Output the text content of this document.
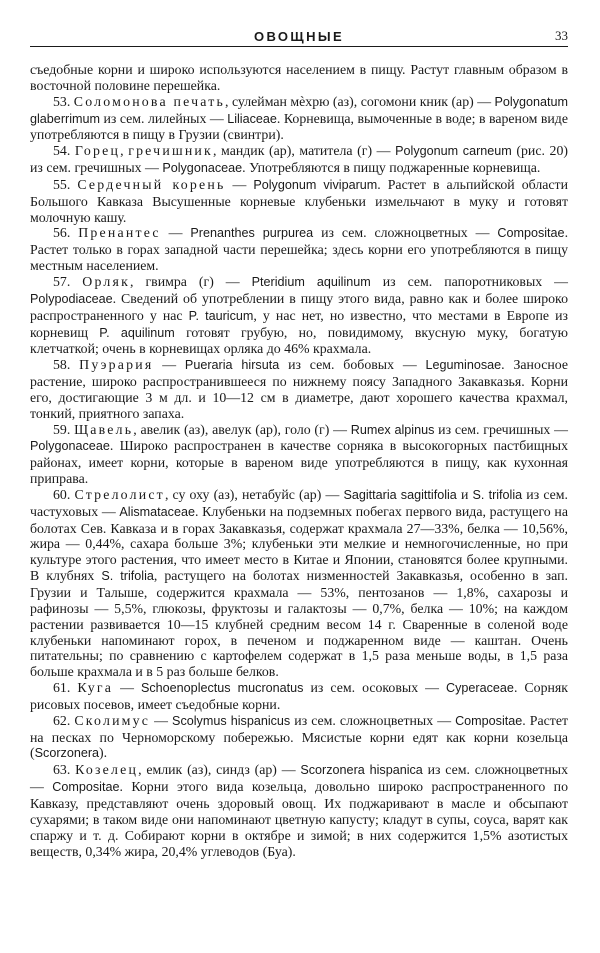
ОВОЩНЫЕ	33

съедобные корни и широко используются населением в пищу. Растут главным образом в восточной половине перешейка.

53. Соломонова печать, сулейман мѐхрю (аз), согомони кник (ар) — Polygonatum glaberrimum из сем. лилейных — Liliaceae. Корневища, вымоченные в воде; в вареном виде употребляются в пищу в Грузии (свинтри).

54. Горец, гречишник, мандик (ар), матитела (г) — Polygonum carneum (рис. 20) из сем. гречишных — Polygonaceae. Употребляются в пищу поджаренные корневища.

55. Сердечный корень — Polygonum viviparum. Растет в альпийской области Большого Кавказа Высушенные корневые клубеньки измельчают в муку и готовят молочную кашу.

56. Пренантес — Prenanthes purpurea из сем. сложноцветных — Compositae. Растет только в горах западной части перешейка; здесь корни его употребляются в пищу местным населением.

57. Орляк, гвимра (г) — Pteridium aquilinum из сем. папоротниковых — Polypodiaceae. Сведений об употреблении в пищу этого вида, равно как и более широко распространенного у нас P. tauricum, у нас нет, но известно, что местами в Европе из корневищ P. aquilinum готовят грубую, но, повидимому, вкусную муку, богатую клетчаткой; очень в корневищах орляка до 46% крахмала.

58. Пуэрария — Pueraria hirsuta из сем. бобовых — Leguminosae. Заносное растение, широко распространившееся по нижнему поясу Западного Закавказья. Корни его, достигающие 3 м дл. и 10—12 см в диаметре, дают хорошего качества крахмал, тонкий, приятного запаха.

59. Щавель, авелик (аз), авелук (ар), голо (г) — Rumex alpinus из сем. гречишных — Polygonaceae. Широко распространен в качестве сорняка в высокогорных пастбищных районах, имеет корни, которые в вареном виде употребляются в пищу, как кухонная приправа.

60. Стрелолист, су оху (аз), нетабуйс (ар) — Sagittaria sagittifolia и S. trifolia из сем. частуховых — Alismataceae. Клубеньки на подземных побегах первого вида, растущего на болотах Сев. Кавказа и в горах Закавказья, содержат крахмала 27—33%, белка — 10,56%, жира — 0,44%, сахара больше 3%; клубеньки эти мелкие и немногочисленные, но при культуре этого растения, что имеет место в Китае и Японии, становятся более крупными. В клубнях S. trifolia, растущего на болотах низменностей Закавказья, особенно в зап. Грузии и Талыше, содержится крахмала — 53%, пентозанов — 1,8%, сахарозы и рафинозы — 5,5%, глюкозы, фруктозы и галактозы — 0,7%, белка — 10%; на каждом растении развивается 10—15 клубней средним весом 14 г. Сваренные в соленой воде клубеньки напоминают горох, в печеном и поджаренном виде — каштан. Очень питательны; по сравнению с картофелем содержат в 1,5 раза меньше воды, в 1,5 раза больше крахмала и в 5 раз больше белков.

61. Куга — Schoenoplectus mucronatus из сем. осоковых — Cyperaceae. Сорняк рисовых посевов, имеет съедобные корни.

62. Сколимус — Scolymus hispanicus из сем. сложноцветных — Compositae. Растет на песках по Черноморскому побережью. Мясистые корни едят как корни козельца (Scorzonera).

63. Козелец, емлик (аз), синдз (ар) — Scorzonera hispanica из сем. сложноцветных — Compositae. Корни этого вида козельца, довольно широко распространенного по Кавказу, представляют очень здоровый овощ. Их поджаривают в масле и обсыпают сухарями; в таком виде они напоминают цветную капусту; кладут в супы, соуса, варят как спаржу и т. д. Собирают корни в октябре и зимой; в них содержится 1,5% азотистых веществ, 0,34% жира, 20,4% углеводов (Буа).
